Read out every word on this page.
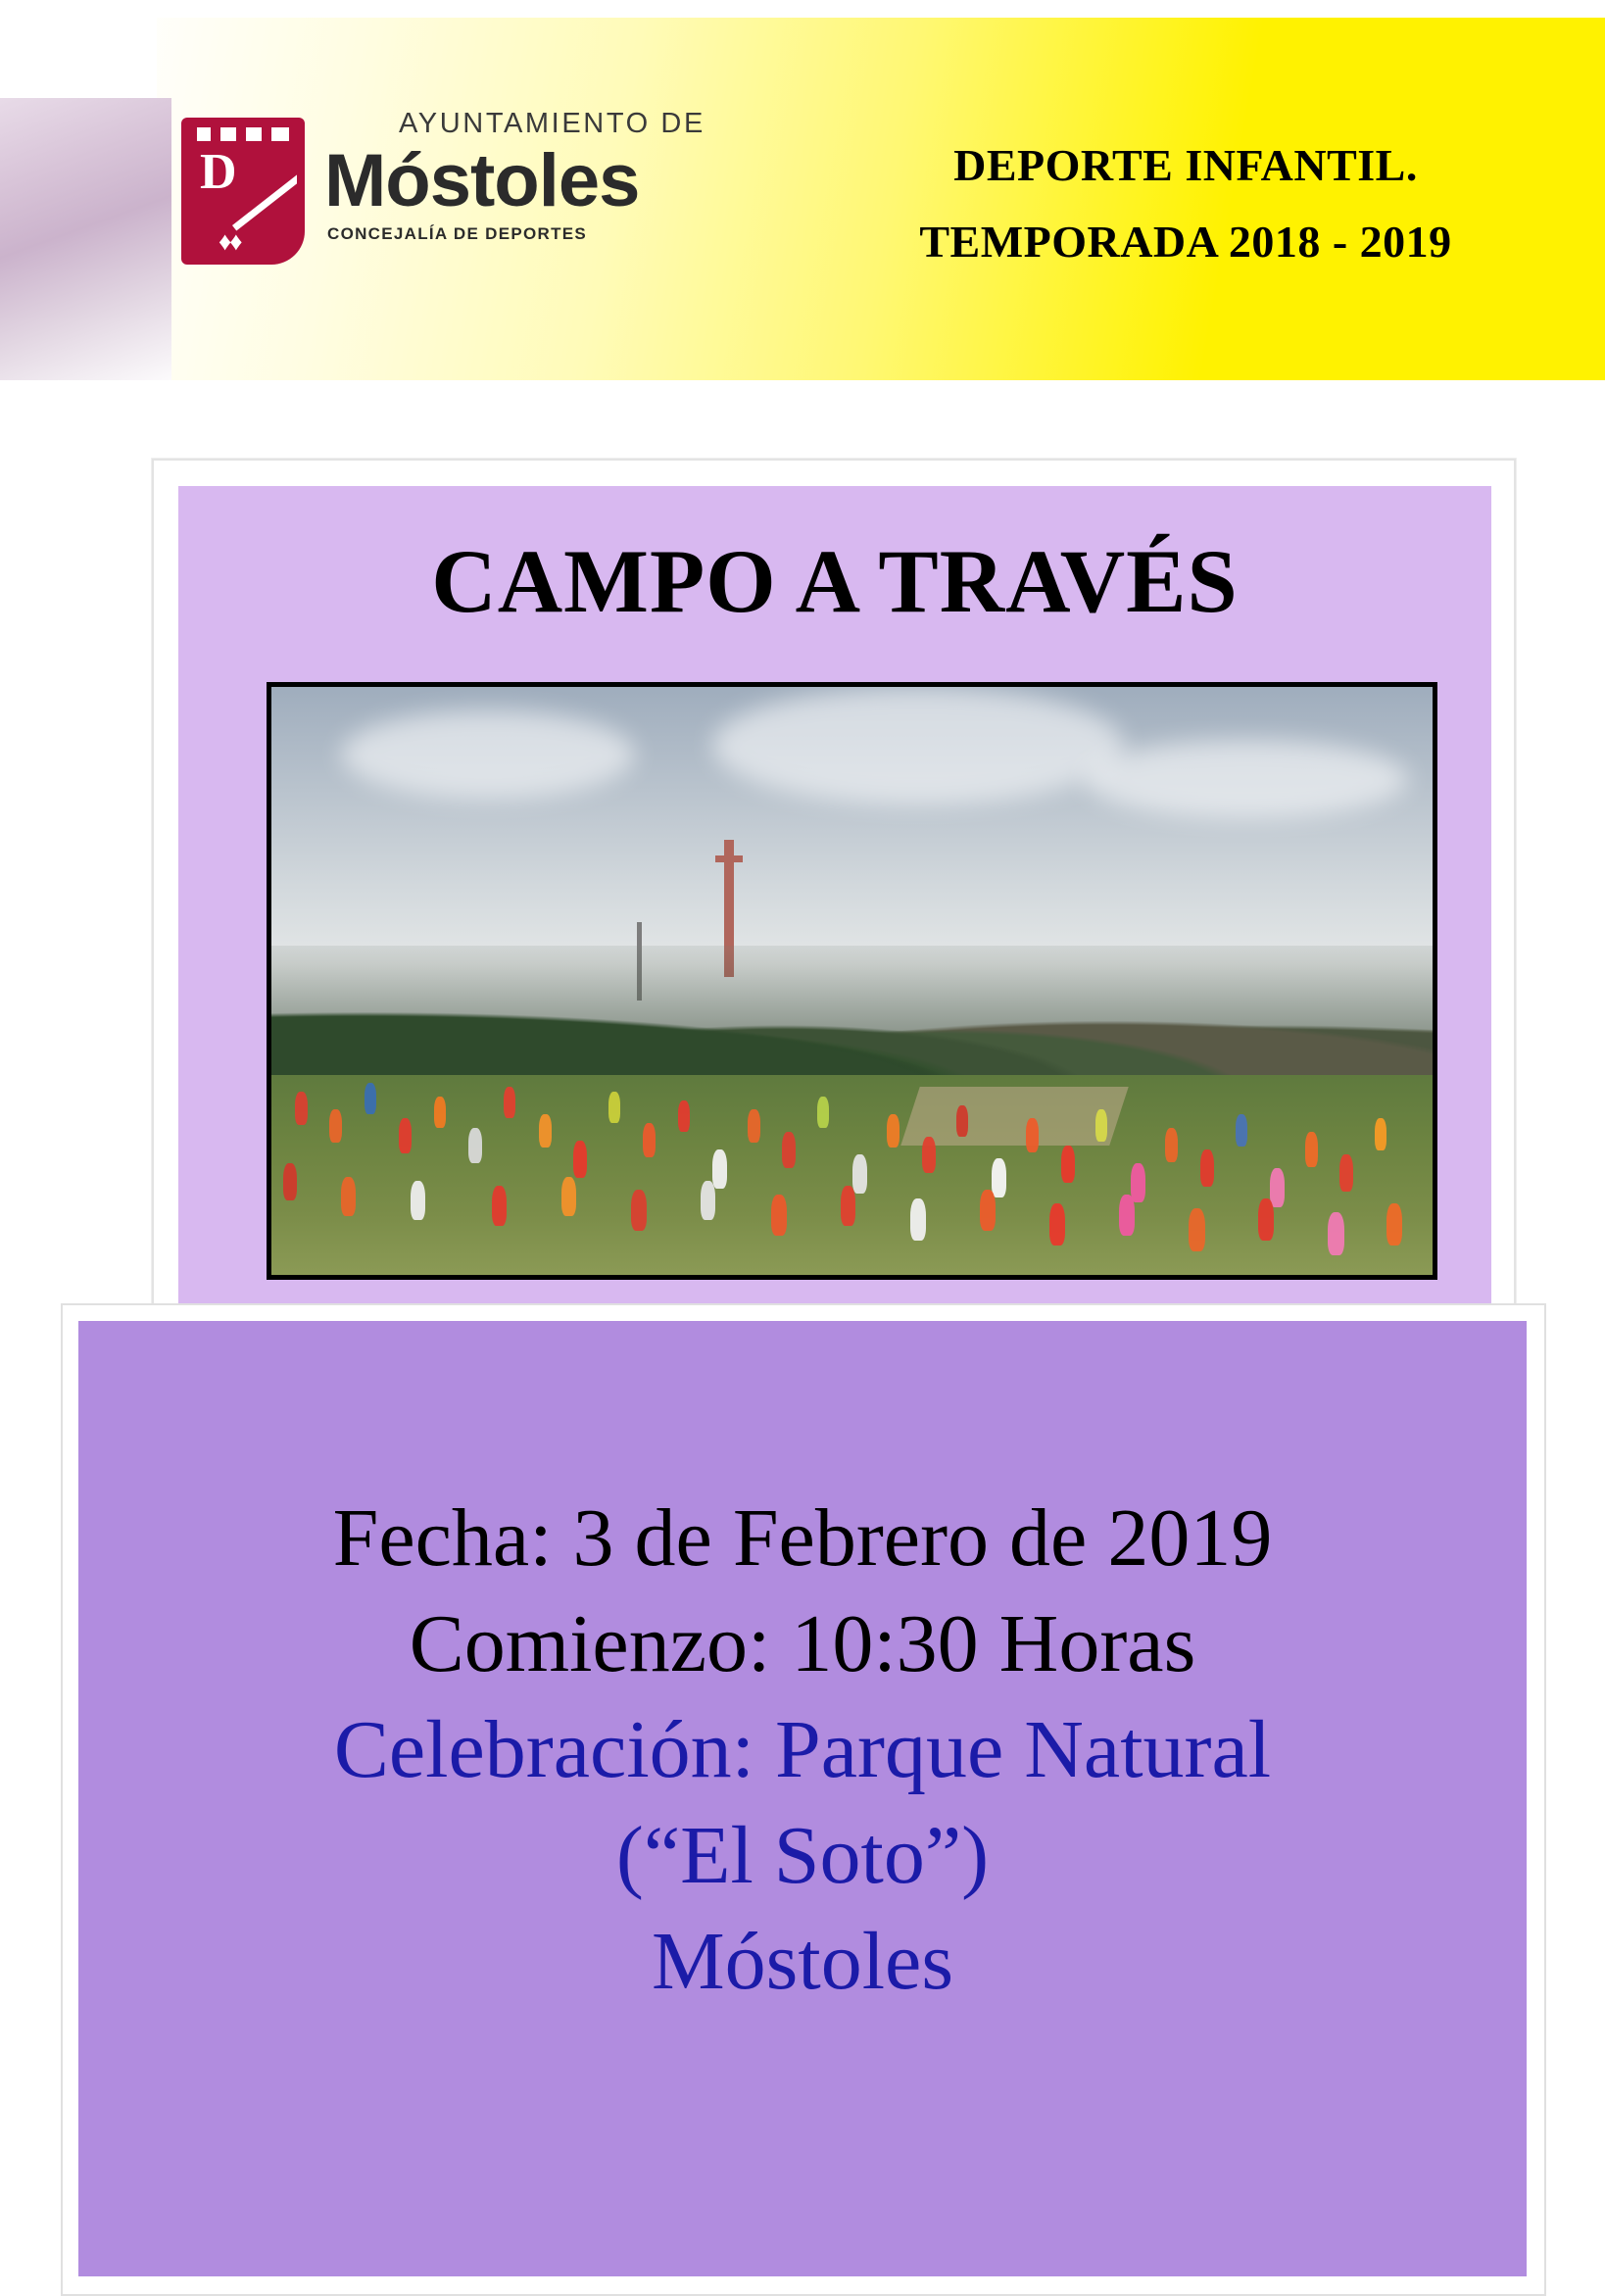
D
♦♦
AYUNTAMIENTO DE
Móstoles
CONCEJALÍA DE DEPORTES
DEPORTE INFANTIL.
TEMPORADA 2018 - 2019
CAMPO A TRAVÉS
Fecha: 3 de Febrero de 2019
Comienzo: 10:30 Horas
Celebración: Parque Natural
(“El Soto”)
Móstoles
